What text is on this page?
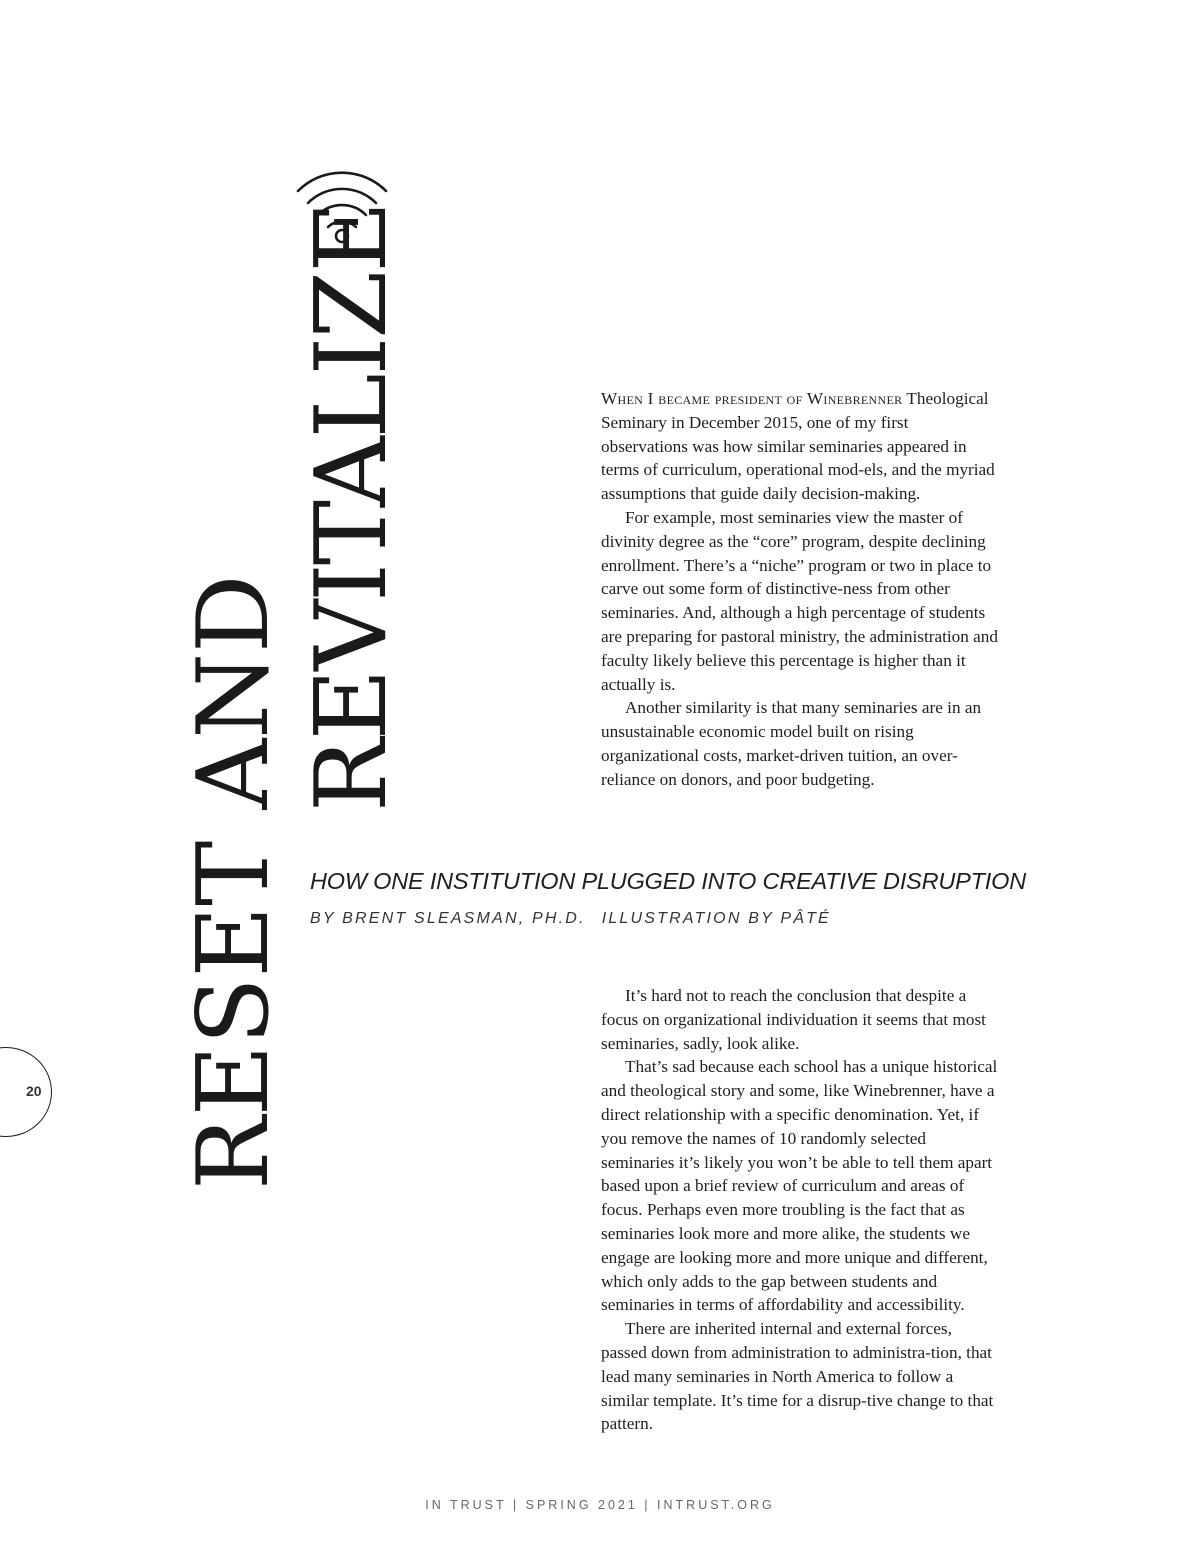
RESET AND
REVITALIZE	When I became president of Winebrenner Theological Seminary in December 2015, one of my first observations was how similar seminaries appeared in terms of curriculum, operational mod-els, and the myriad assumptions that guide daily decision-making.

For example, most seminaries view the master of divinity degree as the “core” program, despite declining enrollment. There’s a “niche” program or two in place to carve out some form of distinctive-ness from other seminaries. And, although a high percentage of students are preparing for pastoral ministry, the administration and faculty likely believe this percentage is higher than it actually is.

Another similarity is that many seminaries are in an unsustainable economic model built on rising organizational costs, market-driven tuition, an over-reliance on donors, and poor budgeting.

HOW ONE INSTITUTION PLUGGED INTO CREATIVE DISRUPTION
BY BRENT SLEASMAN, PH.D. ILLUSTRATION BY PÂTÉ

It’s hard not to reach the conclusion that despite a focus on organizational individuation it seems that most seminaries, sadly, look alike.

That’s sad because each school has a unique historical and theological story and some, like Winebrenner, have a direct relationship with a specific denomination. Yet, if you remove the names of 10 randomly selected seminaries it’s likely you won’t be able to tell them apart based upon a brief review of curriculum and areas of focus. Perhaps even more troubling is the fact that as seminaries look more and more alike, the students we engage are looking more and more unique and different, which only adds to the gap between students and seminaries in terms of affordability and accessibility.

There are inherited internal and external forces, passed down from administration to administra-tion, that lead many seminaries in North America to follow a similar template. It’s time for a disrup-tive change to that pattern.

20
IN TRUST | SPRING 2021 | INTRUST.ORG
